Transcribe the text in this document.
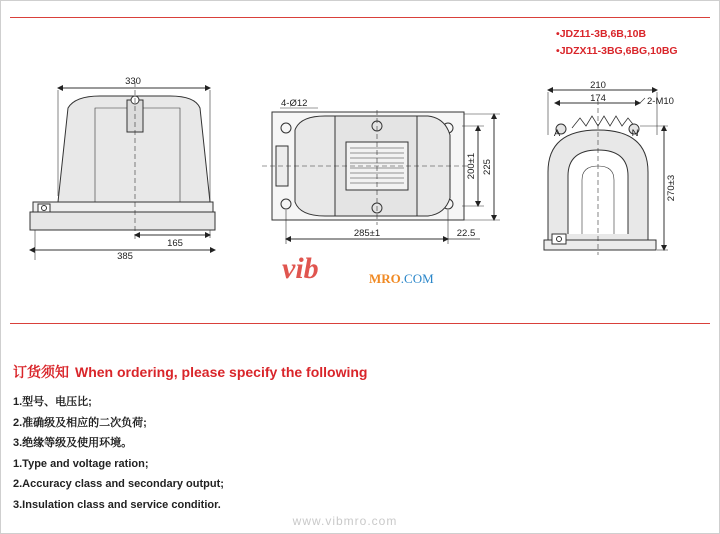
• JDZ11-3B,6B,10B
• JDZX11-3BG,6BG,10BG
330
165
385
4-Ø12
200±1 225
285±1	22.5
210
174	2-M10
270±3
A	N
vib	MRO.COM
订货须知 When ordering, please specify the following
1.型号、电压比;
2.准确级及相应的二次负荷;
3.绝缘等级及使用环境。
1.Type and voltage ration;
2.Accuracy class and secondary output;
3.Insulation class and service conditior.
www.vibmro.com
